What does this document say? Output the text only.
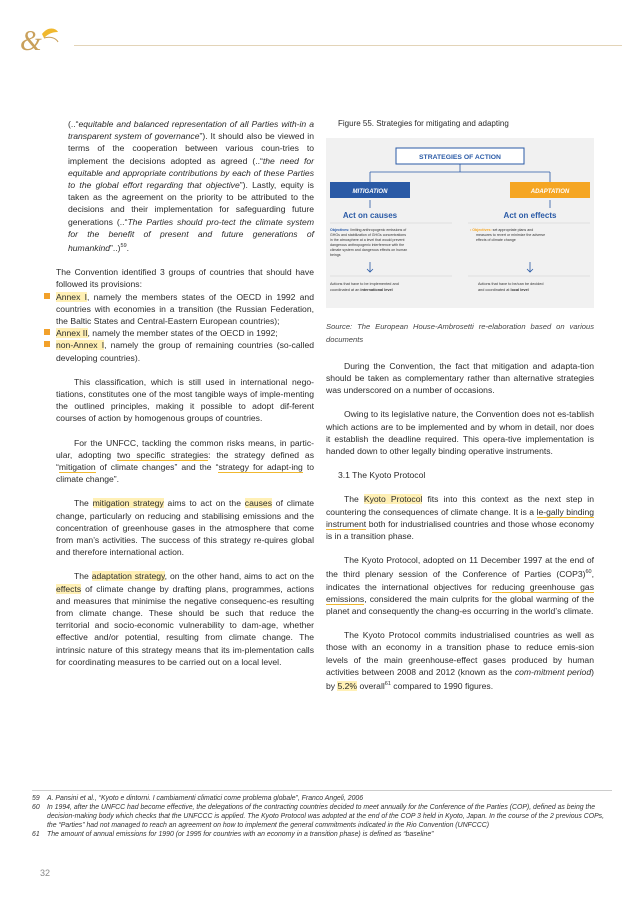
&

(..“equitable and balanced representation of all Parties with-in a transparent system of governance”). It should also be viewed in terms of the cooperation between various coun-tries to implement the decisions adopted as agreed (..“the need for equitable and appropriate contributions by each of these Parties to the global effort regarding that objective”). Lastly, equity is taken as the agreement on the priority to be attributed to the decisions and their implementation for safeguarding future generations (..“The Parties should pro-tect the climate system for the benefit of present and future generations of humankind”..)$^{59}$.

The Convention identified 3 groups of countries that should have followed its provisions:

Annex I, namely the members states of the OECD in 1992 and countries with economies in a transition (the Russian Federation, the Baltic States and Central-Eastern European countries);
Annex II, namely the member states of the OECD in 1992;
non-Annex I, namely the group of remaining countries (so-called developing countries).

This classification, which is still used in international nego-tiations, constitutes one of the most tangible ways of imple-menting the outlined principles, making it possible to adopt dif-ferent courses of action by homogenous groups of countries.

For the UNFCC, tackling the common risks means, in partic-ular, adopting two specific strategies: the strategy defined as “mitigation of climate changes” and the “strategy for adapt-ing to climate change”.

The mitigation strategy aims to act on the causes of climate change, particularly on reducing and stabilising emissions and the concentration of greenhouse gases in the atmosphere that come from man’s activities. The success of this strategy re-quires global and therefore international action.

The adaptation strategy, on the other hand, aims to act on the effects of climate change by drafting plans, programmes, actions and measures that minimise the negative consequenc-es resulting from climate change. These should be such that reduce the territorial and socio-economic vulnerability to dam-age, whether effective and/or potential, resulting from climate change. The intrinsic nature of this strategy means that its im-plementation calls for coordinating measures to be carried out on a local level.

Figure 55. Strategies for mitigating and adapting
STRATEGIES OF ACTION
MITIGATION	ADAPTATION
Act on causes	Act on effects
Objectives: limiting anthropogenic emissions of
GHGs and stabilization of GHGs concentrations
in the atmosphere at a level that would prevent
dangerous anthropogenic interference with the
climate system and dangerous effects on human
beings
• Objectives: set appropriate plans and
measures to revert or minimize the adverse
effects of climate change
Actions that have to be implemented and
coordinated at an international level
Actions that have to be/can be decided
and coordinated at local level

Source: The European House-Ambrosetti re-elaboration based on various documents

During the Convention, the fact that mitigation and adapta-tion should be taken as complementary rather than alternative strategies was underscored on a number of occasions.

Owing to its legislative nature, the Convention does not es-tablish which actions are to be implemented and by whom in detail, nor does it establish the deadline required. This opera-tive implementation is handed down to other legally binding operative instruments.

3.1 The Kyoto Protocol

The Kyoto Protocol fits into this context as the next step in countering the consequences of climate change. It is a le-gally binding instrument both for industrialised countries and those whose economy is in a transition phase.

The Kyoto Protocol, adopted on 11 December 1997 at the end of the third plenary session of the Conference of Parties $(COP3)^{60}$, indicates the international objectives for reducing greenhouse gas emissions, considered the main culprits for the global warming of the planet and consequently the chang-es occurring in the world’s climate.

The Kyoto Protocol commits industrialised countries as well as those with an economy in a transition phase to reduce emis-sion levels of the main greenhouse-effect gases produced by human activities between 2008 and 2012 (known as the com-mitment period) by 5.2% overall$^{61}$ compared to 1990 figures.

59	A. Pansini et al., “Kyoto e dintorni. I cambiamenti climatici come problema globale”, Franco Angeli, 2006
60	In 1994, after the UNFCC had become effective, the delegations of the contracting countries decided to meet annually for the Conference of the Parties (COP), defined as being the decision-making body which checks that the UNFCCC is applied. The Kyoto Protocol was adopted at the end of the COP 3 held in Kyoto, Japan. In the course of the 2 previous COPs, the “Parties” had not managed to reach an agreement on how to implement the general commitments indicated in the Rio Convention (UNFCCC)
61	The amount of annual emissions for 1990 (or 1995 for countries with an economy in a transition phase) is defined as “baseline”
32
